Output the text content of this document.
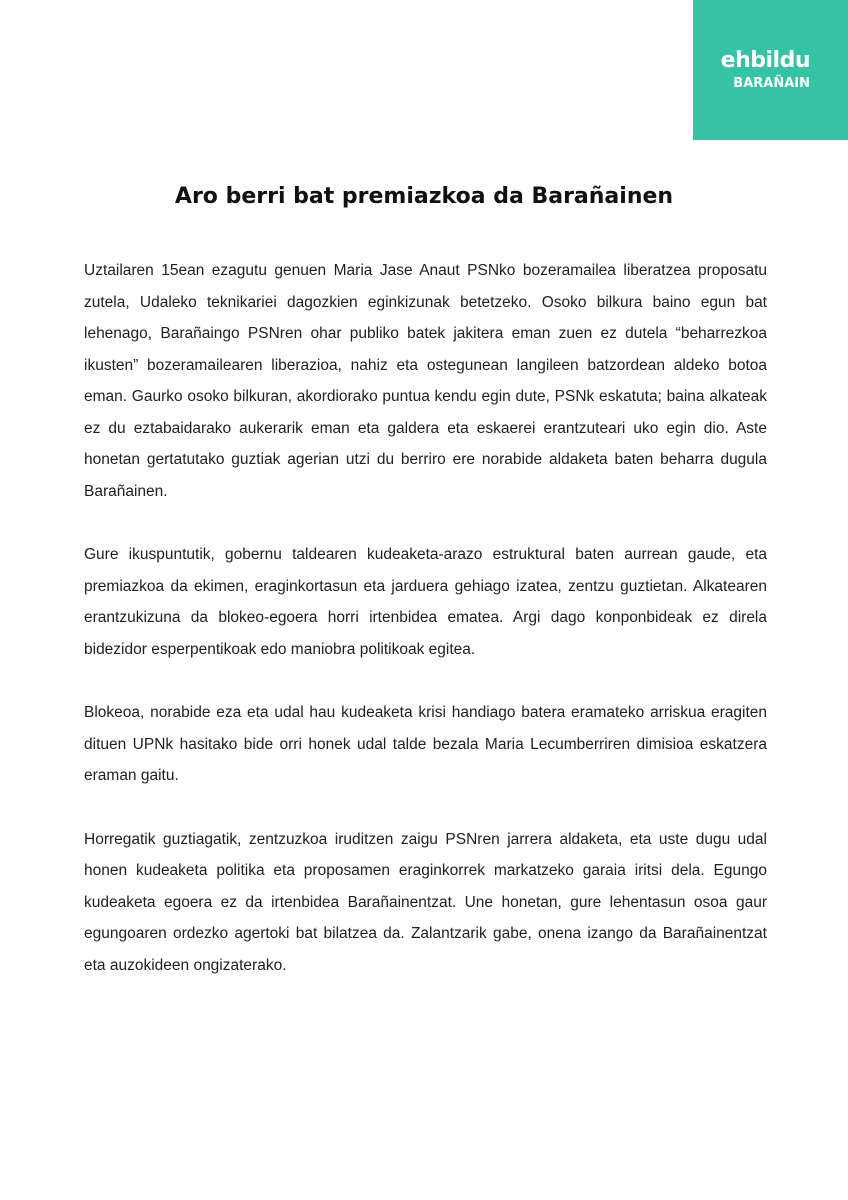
ehbildu
BARAÑAIN
Aro berri bat premiazkoa da Barañainen

Uztailaren 15ean ezagutu genuen Maria Jase Anaut PSNko bozeramailea liberatzea proposatu zutela, Udaleko teknikariei dagozkien eginkizunak betetzeko. Osoko bilkura baino egun bat lehenago, Barañaingo PSNren ohar publiko batek jakitera eman zuen ez dutela “beharrezkoa ikusten” bozeramailearen liberazioa, nahiz eta ostegunean langileen batzordean aldeko botoa eman. Gaurko osoko bilkuran, akordiorako puntua kendu egin dute, PSNk eskatuta; baina alkateak ez du eztabaidarako aukerarik eman eta galdera eta eskaerei erantzuteari uko egin dio. Aste honetan gertatutako guztiak agerian utzi du berriro ere norabide aldaketa baten beharra dugula Barañainen.

Gure ikuspuntutik, gobernu taldearen kudeaketa-arazo estruktural baten aurrean gaude, eta premiazkoa da ekimen, eraginkortasun eta jarduera gehiago izatea, zentzu guztietan. Alkatearen erantzukizuna da blokeo-egoera horri irtenbidea ematea. Argi dago konponbideak ez direla bidezidor esperpentikoak edo maniobra politikoak egitea.

Blokeoa, norabide eza eta udal hau kudeaketa krisi handiago batera eramateko arriskua eragiten dituen UPNk hasitako bide orri honek udal talde bezala Maria Lecumberriren dimisioa eskatzera eraman gaitu.

Horregatik guztiagatik, zentzuzkoa iruditzen zaigu PSNren jarrera aldaketa, eta uste dugu udal honen kudeaketa politika eta proposamen eraginkorrek markatzeko garaia iritsi dela. Egungo kudeaketa egoera ez da irtenbidea Barañainentzat. Une honetan, gure lehentasun osoa gaur egungoaren ordezko agertoki bat bilatzea da. Zalantzarik gabe, onena izango da Barañainentzat eta auzokideen ongizaterako.
